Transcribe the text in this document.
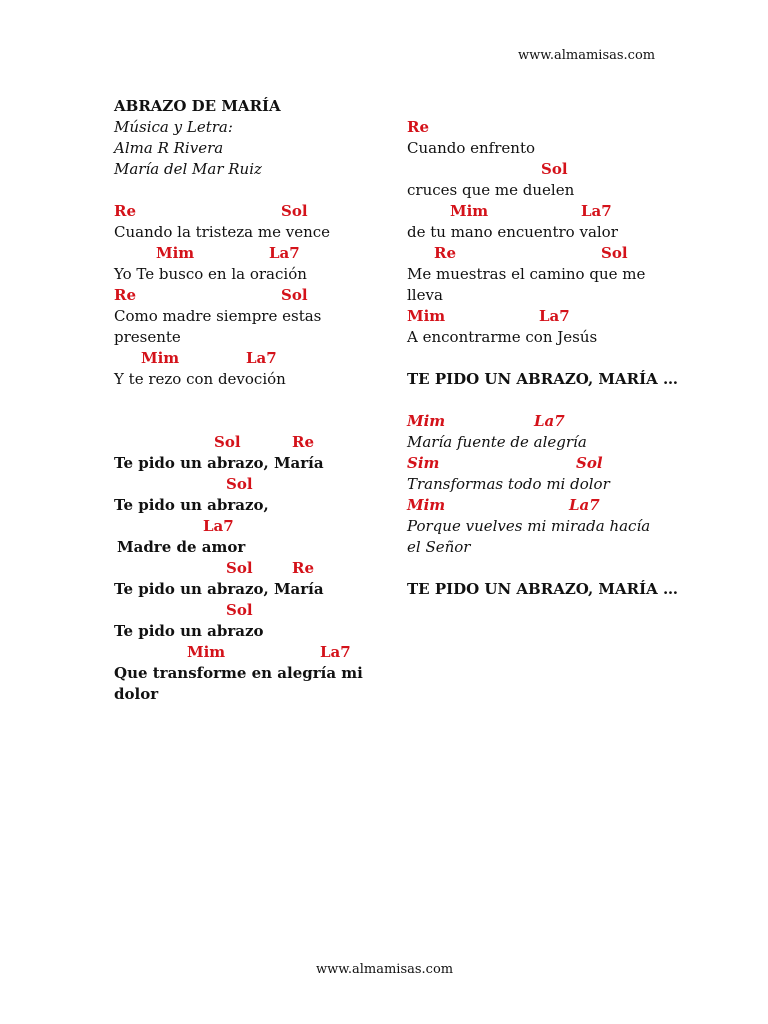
www.almamisas.com
ABRAZO DE MARÍA
Música y Letra:
Alma R Rivera
María del Mar Ruiz
Re	Sol
Cuando la tristeza me vence
Mim	La7
Yo Te busco en la oración
Re	Sol
Como madre siempre estas
presente
Mim	La7
Y te rezo con devoción
Sol	Re
Te pido un abrazo, María
Sol
Te pido un abrazo,
La7
Madre de amor
Sol	Re
Te pido un abrazo, María
Sol
Te pido un abrazo
Mim	La7
Que transforme en alegría mi
dolor
Re
Cuando enfrento
Sol
cruces que me duelen
Mim	La7
de tu mano encuentro valor
Re	Sol
Me muestras el camino que me
lleva
Mim	La7
A encontrarme con Jesús
TE PIDO UN ABRAZO, MARÍA …
Mim	La7
María fuente de alegría
Sim	Sol
Transformas todo mi dolor
Mim	La7
Porque vuelves mi mirada hacía
el Señor
TE PIDO UN ABRAZO, MARÍA …
www.almamisas.com
